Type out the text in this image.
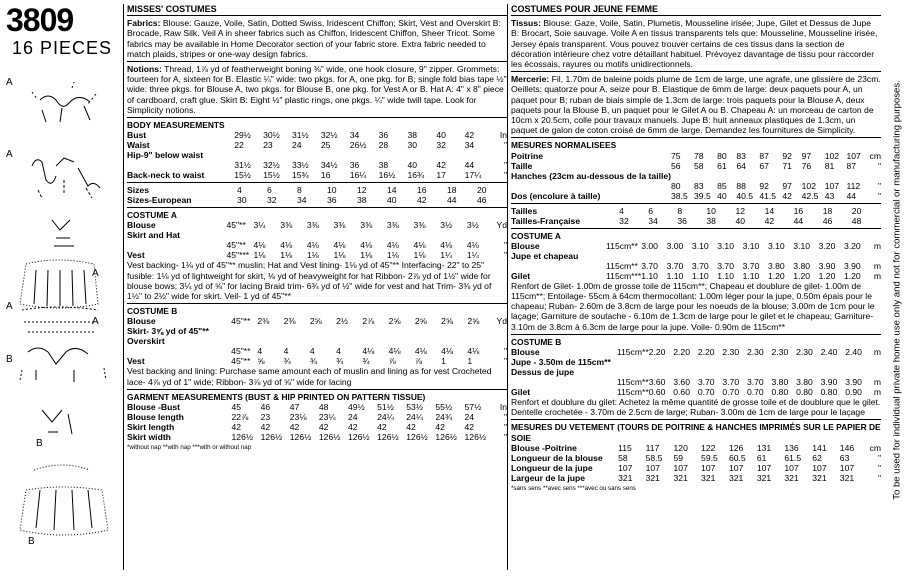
3809
16 PIECES
A
A
A
A
A
B
B
B
MISSES' COSTUMES
Fabrics: Blouse: Gauze, Voile, Satin, Dotted Swiss, Iridescent Chiffon; Skirt, Vest and Overskirt B: Brocade, Raw Silk. Veil A in sheer fabrics such as Chiffon, Iridescent Chiffon, Sheer Tricot. Some fabrics may be available in Home Decorator section of your fabric store. Extra fabric needed to match plaids, stripes or one-way design fabrics.
Notions: Thread, 1⅞ yd of featherweight boning ⅜" wide, one hook closure, 9" zipper. Grommets: fourteen for A, sixteen for B. Elastic ¼" wide: two pkgs. for A, one pkg. for B; single fold bias tape ½" wide: three pkgs. for Blouse A, two pkgs. for Blouse B, one pkg. for Vest A or B. Hat A: 4" x 8" piece of cardboard, craft glue. Skirt B: Eight ½" plastic rings, one pkgs. ¼" wide twill tape. Look for Simplicity notions.
BODY MEASUREMENTS
Bust	29½	30½	31½	32½	34	36	38	40	42	In
Waist	22	23	24	25	26½	28	30	32	34	"
Hip-9" below waist										
	31½	32½	33½	34½	36	38	40	42	44	"
Back-neck to waist	15½	15½	15¾	16	16¼	16½	16¾	17	17¼	"
Sizes	4	6	8	10	12	14	16	18	20
Sizes-European	30	32	34	36	38	40	42	44	46
COSTUME A
Blouse	45"**	3¼	3⅜	3⅜	3⅜	3⅜	3⅜	3⅜	3½	3½	Yd
Skirt and Hat											
	45"**	4⅛	4⅛	4⅛	4⅛	4⅛	4⅛	4⅛	4⅛	4⅛	"
Vest	45"***	1⅛	1⅛	1⅛	1⅛	1⅛	1⅛	1⅛	1¼	1¼	"
Vest backing- 1⅛ yd of 45"** muslin; Hat and Vest lining- 1⅛ yd of 45"** Interfacing- 22" to 25" fusible: 1⅛ yd of lightweight for skirt, ⅛ yd of heavyweight for hat Ribbon- 2⅞ yd of 1½" wide for blouse bows; 3¼ yd of ⅝" for lacing Braid trim- 6¾ yd of ½" wide for vest and hat Trim- 3⅜ yd of 1½" to 2½" wide for skirt. Veil- 1 yd of 45"**
COSTUME B
Blouse	45"**	2⅜	2⅜	2⅝	2½	2⅞	2⅝	2⅝	2⅝	2⅝	Yd
Skirt- 3⅝ yd of 45"**											
Overskirt											
	45"**	4	4	4	4	4⅛	4⅛	4⅛	4⅛	4⅛	"
Vest	45"**	⅝	¾	¾	¾	¾	⅞	⅞	1	1	"
Vest backing and lining: Purchase same amount each of muslin and lining as for vest Crocheted lace- 4⅞ yd of 1" wide; Ribbon- 3⅞ yd of ⅝" wide for lacing
GARMENT MEASUREMENTS (BUST & HIP PRINTED ON PATTERN TISSUE)
Blouse -Bust	45	46	47	48	49½	51½	53½	55½	57½	In
Blouse length	22⅞	23	23⅛	23¼	24	24¼	24¼	24¾	24	"
Skirt length	42	42	42	42	42	42	42	42	42	"
Skirt width	126½	126½	126½	126½	126½	126½	126½	126½	126½	"
*without nap **with nap ***with or without nap
COSTUMES POUR JEUNE FEMME
Tissus: Blouse: Gaze, Voile, Satin, Plumetis, Mousseline irisée; Jupe, Gilet et Dessus de Jupe B: Brocart, Soie sauvage. Voile A en tissus transparents tels que: Mousseline, Mousseline irisée, Jersey épais transparent. Vous pouvez trouver certains de ces tissus dans la section de décoration intérieure chez votre détaillant habituel. Prévoyez davantage de tissu pour raccorder les écossais, rayures ou motifs unidirectionnels.
Mercerie: Fil, 1.70m de baleine poids plume de 1cm de large, une agrafe, une glissière de 23cm. Oeillets: quatorze pour A, seize pour B. Elastique de 6mm de large: deux paquets pour A, un paquet pour B; ruban de biais simple de 1.3cm de large: trois paquets pour la Blouse A, deux paquets pour la Blouse B, un paquet pour le Gilet A ou B. Chapeau A: un morceau de carton de 10cm x 20.5cm, colle pour travaux manuels. Jupe B: huit anneaux plastiques de 1.3cm, un paquet de galon de coton croisé de 6mm de large. Demandez les fournitures de Simplicity.
MESURES NORMALISEES
Poitrine	75	78	80	83	87	92	97	102	107	cm
Taille	56	58	61	64	67	71	76	81	87	"
Hanches (23cm au-dessous de la taille)										
	80	83	85	88	92	97	102	107	112	"
Dos (encolure à taille)	38.5	39.5	40	40.5	41.5	42	42.5	43	44	"
Tailles	4	6	8	10	12	14	16	18	20
Tailles-Française	32	34	36	38	40	42	44	46	48
COSTUME A
Blouse	115cm**	3.00	3.00	3.10	3.10	3.10	3.10	3.10	3.20	3.20	m
Jupe et chapeau											
	115cm**	3.70	3.70	3.70	3.70	3.70	3.80	3.80	3.90	3.90	m
Gilet	115cm***	1.10	1.10	1.10	1.10	1.10	1.20	1.20	1.20	1.20	m
Renfort de Gilet- 1.00m de grosse toile de 115cm**; Chapeau et doublure de gilet- 1.00m de 115cm**; Entoilage- 55cm à 64cm thermocollant: 1.00m léger pour la jupe, 0.50m épais pour le chapeau; Ruban- 2.60m de 3.8cm de large pour les noeuds de la blouse; 3.00m de 1cm pour le laçage; Garniture de soutache - 6.10m de 1.3cm de large pour le gilet et le chapeau; Garniture- 3.10m de 3.8cm à 6.3cm de large pour la jupe. Voile- 0.90m de 115cm**
COSTUME B
Blouse	115cm**	2.20	2.20	2.20	2.30	2.30	2.30	2.30	2.40	2.40	m
Jupe - 3.50m de 115cm**											
Dessus de jupe											
	115cm**	3.60	3.60	3.70	3.70	3.70	3.80	3.80	3.90	3.90	m
Gilet	115cm**	0.60	0.60	0.70	0.70	0.70	0.80	0.80	0.80	0.90	m
Renfort et doublure du gilet: Achetez la même quantité de grosse toile et de doublure que le gilet. Dentelle crochetée - 3.70m de 2.5cm de large; Ruban- 3.00m de 1cm de large pour le laçage
MESURES DU VETEMENT (TOURS DE POITRINE & HANCHES IMPRIMÉS SUR LE PAPIER DE SOIE
Blouse -Poitrine	115	117	120	122	126	131	136	141	146	cm
Longueur de la blouse	58	58.5	59	59.5	60.5	61	61.5	62	63	"
Longueur de la jupe	107	107	107	107	107	107	107	107	107	"
Largeur de la jupe	321	321	321	321	321	321	321	321	321	"
*sans sens **avec sens ***avec ou sans sens	To be used for individual private home use only and not for commercial or manufacturing purposes.
